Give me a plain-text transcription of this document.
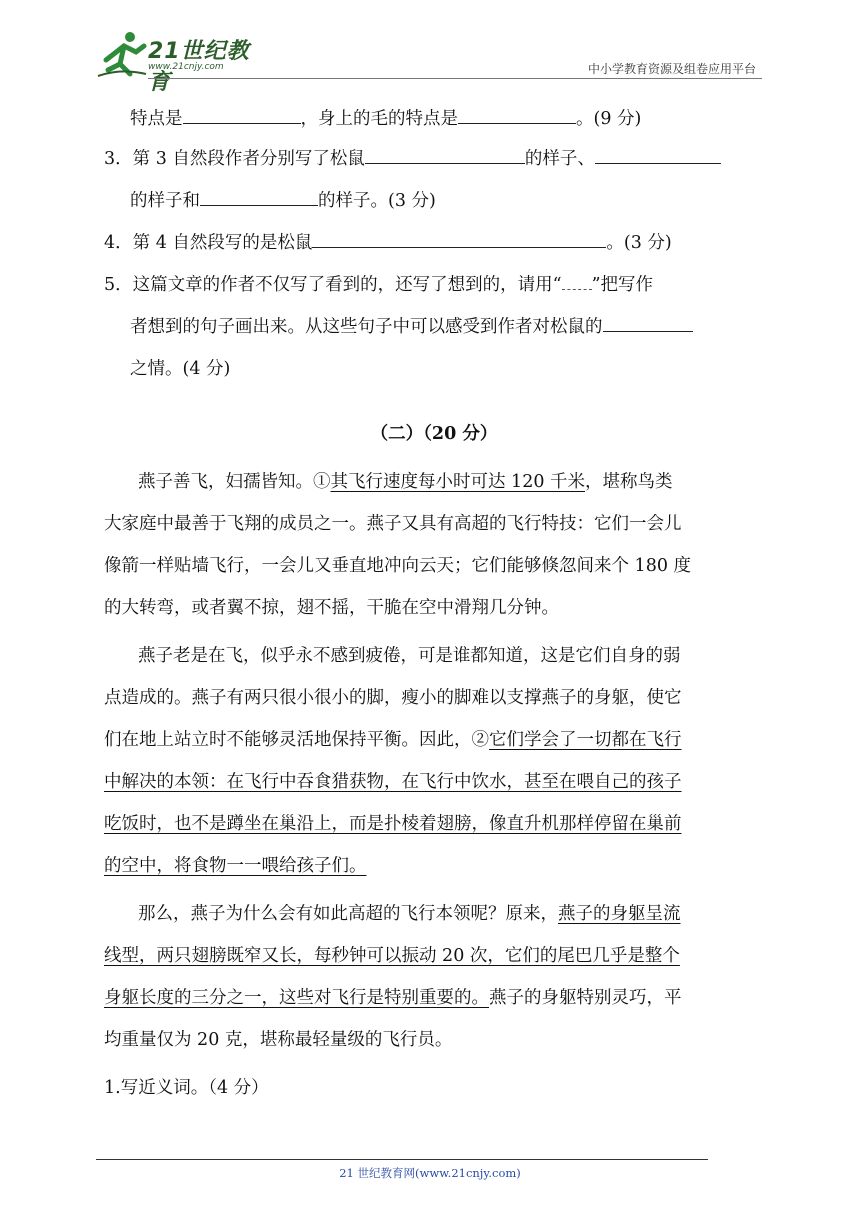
21世纪教育
www.21cnjy.com	中小学教育资源及组卷应用平台
特点是	，身上的毛的特点是	。(9 分)
3．第 3 自然段作者分别写了松鼠	的样子、
的样子和	的样子。(3 分)
4．第 4 自然段写的是松鼠	。(3 分)
5．这篇文章的作者不仅写了看到的，还写了想到的，请用“ ”把写作
者想到的句子画出来。从这些句子中可以感受到作者对松鼠的
之情。(4 分)
（二）（20 分）
燕子善飞，妇孺皆知。①其飞行速度每小时可达 120 千米，堪称鸟类
大家庭中最善于飞翔的成员之一。燕子又具有高超的飞行特技：它们一会儿
像箭一样贴墙飞行，一会儿又垂直地冲向云天；它们能够倏忽间来个 180 度
的大转弯，或者翼不掠，翅不摇，干脆在空中滑翔几分钟。
燕子老是在飞，似乎永不感到疲倦，可是谁都知道，这是它们自身的弱
点造成的。燕子有两只很小很小的脚，瘦小的脚难以支撑燕子的身躯，使它
们在地上站立时不能够灵活地保持平衡。因此，②它们学会了一切都在飞行
中解决的本领：在飞行中吞食猎获物，在飞行中饮水，甚至在喂自己的孩子
吃饭时，也不是蹲坐在巢沿上，而是扑棱着翅膀，像直升机那样停留在巢前
的空中，将食物一一喂给孩子们。
那么，燕子为什么会有如此高超的飞行本领呢？原来，燕子的身躯呈流
线型，两只翅膀既窄又长，每秒钟可以振动 20 次，它们的尾巴几乎是整个
身躯长度的三分之一，这些对飞行是特别重要的。燕子的身躯特别灵巧，平
均重量仅为 20 克，堪称最轻量级的飞行员。
1.写近义词。（4 分）
21 世纪教育网(www.21cnjy.com)
